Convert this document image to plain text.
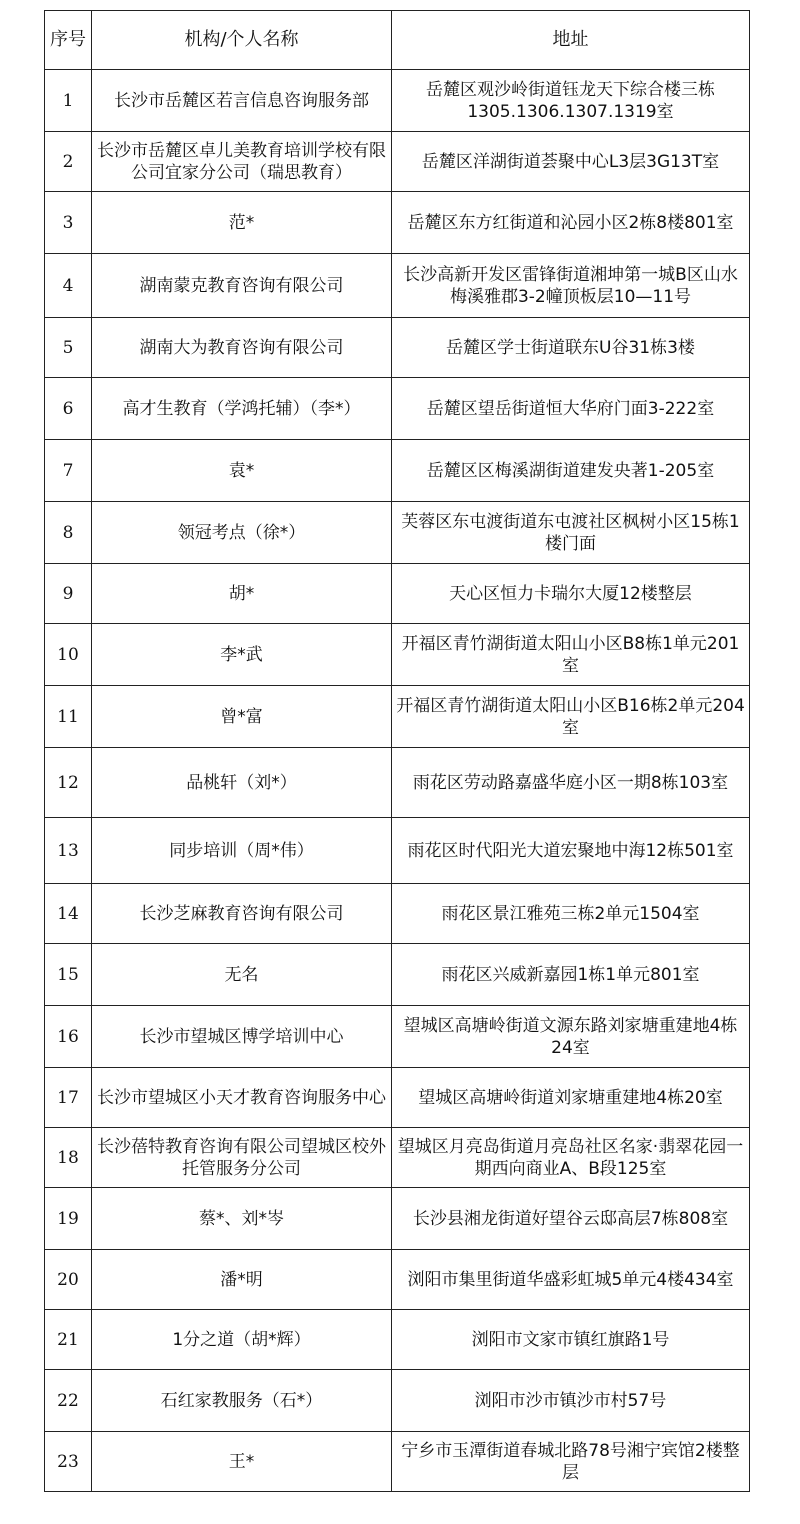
序号	机构/个人名称	地址
1	长沙市岳麓区若言信息咨询服务部	岳麓区观沙岭街道钰龙天下综合楼三栋1305.1306.1307.1319室
2	长沙市岳麓区卓儿美教育培训学校有限公司宜家分公司（瑞思教育）	岳麓区洋湖街道荟聚中心L3层3G13T室
3	范*	岳麓区东方红街道和沁园小区2栋8楼801室
4	湖南蒙克教育咨询有限公司	长沙高新开发区雷锋街道湘坤第一城B区山水梅溪雅郡3-2幢顶板层10—11号
5	湖南大为教育咨询有限公司	岳麓区学士街道联东U谷31栋3楼
6	高才生教育（学鸿托辅）（李*）	岳麓区望岳街道恒大华府门面3-222室
7	袁*	岳麓区区梅溪湖街道建发央著1-205室
8	领冠考点（徐*）	芙蓉区东屯渡街道东屯渡社区枫树小区15栋1楼门面
9	胡*	天心区恒力卡瑞尔大厦12楼整层
10	李*武	开福区青竹湖街道太阳山小区B8栋1单元201室
11	曾*富	开福区青竹湖街道太阳山小区B16栋2单元204室
12	品桃轩（刘*）	雨花区劳动路嘉盛华庭小区一期8栋103室
13	同步培训（周*伟）	雨花区时代阳光大道宏聚地中海12栋501室
14	长沙芝麻教育咨询有限公司	雨花区景江雅苑三栋2单元1504室
15	无名	雨花区兴威新嘉园1栋1单元801室
16	长沙市望城区博学培训中心	望城区高塘岭街道文源东路刘家塘重建地4栋24室
17	长沙市望城区小天才教育咨询服务中心	望城区高塘岭街道刘家塘重建地4栋20室
18	长沙蓓特教育咨询有限公司望城区校外托管服务分公司	望城区月亮岛街道月亮岛社区名家·翡翠花园一期西向商业A、B段125室
19	蔡*、刘*岑	长沙县湘龙街道好望谷云邸高层7栋808室
20	潘*明	浏阳市集里街道华盛彩虹城5单元4楼434室
21	1分之道（胡*辉）	浏阳市文家市镇红旗路1号
22	石红家教服务（石*）	浏阳市沙市镇沙市村57号
23	王*	宁乡市玉潭街道春城北路78号湘宁宾馆2楼整层
